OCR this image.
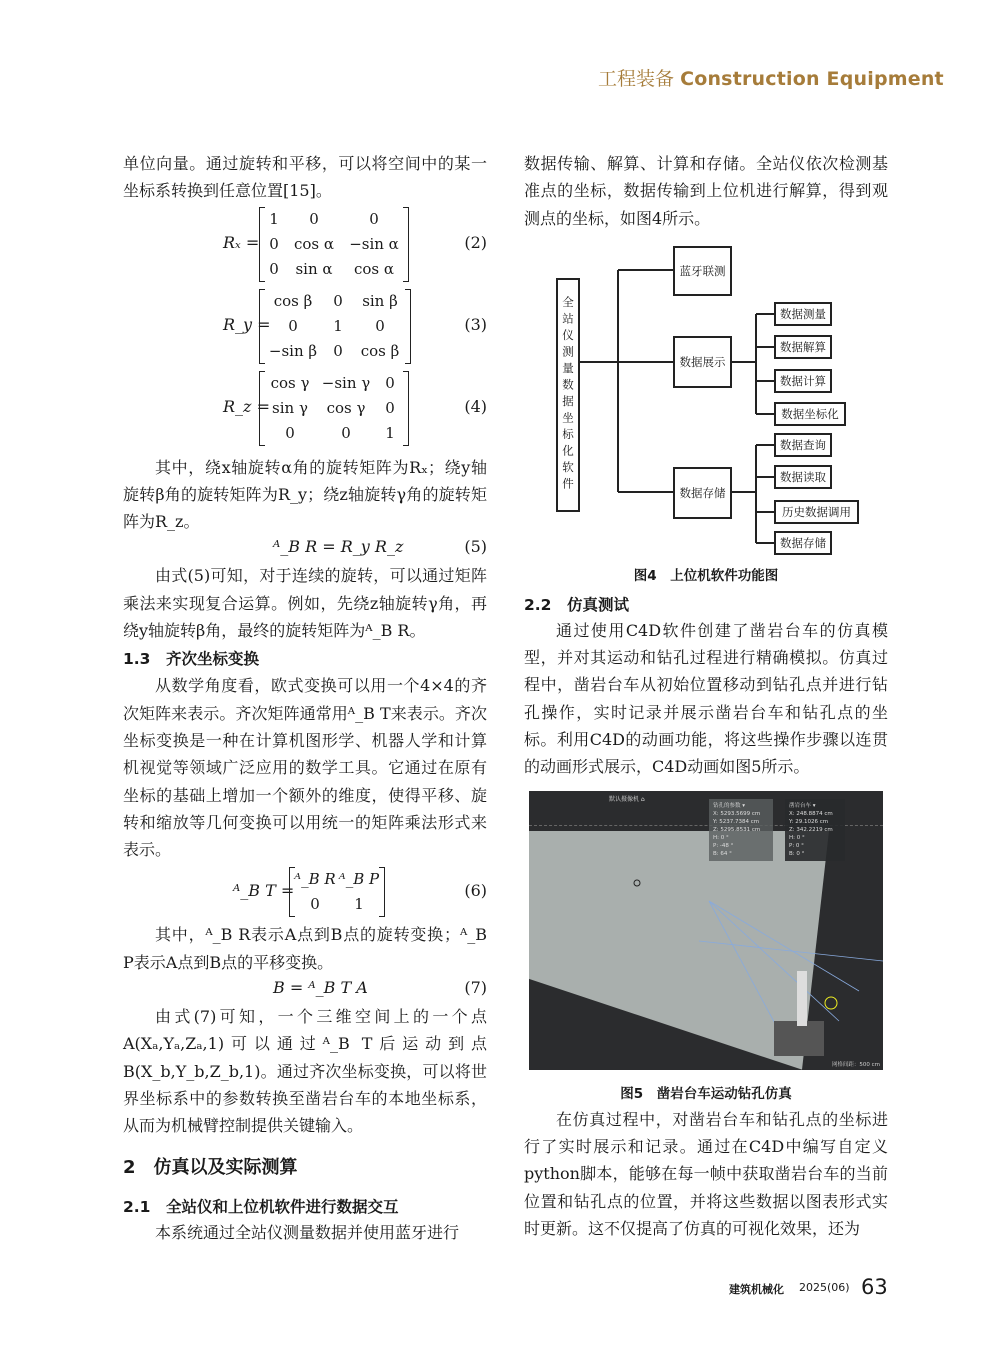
工程装备 Construction Equipment
单位向量。通过旋转和平移，可以将空间中的某一坐标系转换到任意位置[15]。
Rₓ =
1	0	0
0	cos α	−sin α
0	sin α	cos α
(2)
R_y =
cos β	0	sin β
0	1	0
−sin β	0	cos β
(3)
R_z =
cos γ −sin γ 0
sin γ	cos γ	0
0	0	1
(4)
其中，绕x轴旋转α角的旋转矩阵为Rₓ；绕y轴旋转β角的旋转矩阵为R_y；绕z轴旋转γ角的旋转矩阵为R_z。
ᴬ_B R = R_y R_z	(5)
由式(5)可知，对于连续的旋转，可以通过矩阵乘法来实现复合运算。例如，先绕z轴旋转γ角，再绕y轴旋转β角，最终的旋转矩阵为ᴬ_B R。
1.3　齐次坐标变换
从数学角度看，欧式变换可以用一个4×4的齐次矩阵来表示。齐次矩阵通常用ᴬ_B T来表示。齐次坐标变换是一种在计算机图形学、机器人学和计算机视觉等领域广泛应用的数学工具。它通过在原有坐标的基础上增加一个额外的维度，使得平移、旋转和缩放等几何变换可以用统一的矩阵乘法形式来表示。
ᴬ_B T =
ᴬ_B R ᴬ_B P
0	1
(6)
其中，ᴬ_B R表示A点到B点的旋转变换；ᴬ_B P表示A点到B点的平移变换。
B = ᴬ_B T A	(7)
由式(7)可知，一个三维空间上的一个点A(Xₐ,Yₐ,Zₐ,1)可以通过ᴬ_B T后运动到点B(X_b,Y_b,Z_b,1)。通过齐次坐标变换，可以将世界坐标系中的参数转换至凿岩台车的本地坐标系，从而为机械臂控制提供关键输入。
2　仿真以及实际测算
2.1　全站仪和上位机软件进行数据交互
本系统通过全站仪测量数据并使用蓝牙进行
数据传输、解算、计算和存储。全站仪依次检测基准点的坐标，数据传输到上位机进行解算，得到观测点的坐标，如图4所示。
全站仪测量数据坐标化软件
蓝牙联测
数据展示
数据存储
数据测量
数据解算
数据计算
数据坐标化
数据查询
数据读取
历史数据调用
数据存储
图4　上位机软件功能图
2.2　仿真测试
通过使用C4D软件创建了凿岩台车的仿真模型，并对其运动和钻孔过程进行精确模拟。仿真过程中，凿岩台车从初始位置移动到钻孔点并进行钻孔操作，实时记录并展示凿岩台车和钻孔点的坐标。利用C4D的动画功能，将这些操作步骤以连贯的动画形式展示，C4D动画如图5所示。
默认摄像机 ⌂
钻孔的参数 ▾
X: 5293.5699 cm
Y: 5237.7384 cm
Z: 5295.8531 cm
H: 0 °
P: -48 °
B: 64 °
凿岩台车 ▾
X: 248.8874 cm
Y: 29.1026 cm
Z: 342.2219 cm
H: 0 °
P: 0 °
B: 0 °
网格间距：500 cm
图5　凿岩台车运动钻孔仿真
在仿真过程中，对凿岩台车和钻孔点的坐标进行了实时展示和记录。通过在C4D中编写自定义python脚本，能够在每一帧中获取凿岩台车的当前位置和钻孔点的位置，并将这些数据以图表形式实时更新。这不仅提高了仿真的可视化效果，还为
建筑机械化 2025(06) 63
